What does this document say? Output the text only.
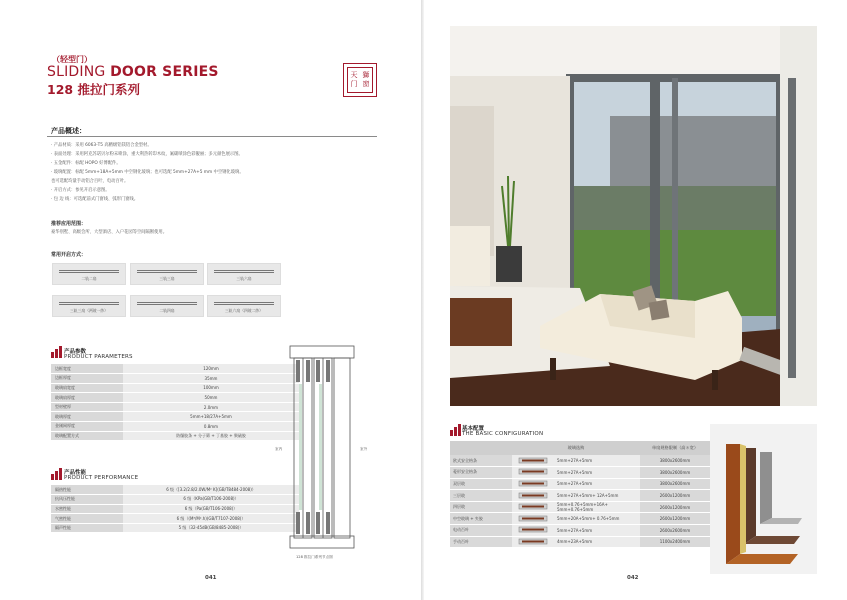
（轻型门）
SLIDING DOOR SERIES
128 推拉门系列
天 獅
门 窗
产品概述：
· 产品材质：采用 6063-T5 高精级铝镁铝合金型材。
· 表面处理：采用阿克苏诺贝尔粉末喷涂，重大利热转印木纹，氟碳喷涂色彩靓丽；多元颜色展示图。
· 五金配件：标配 HOPO 好博配件。
· 玻璃配置：标配 5mm+18A+5mm 中空钢化玻璃；也可选配 5mm+27A+5 mm 中空钢化玻璃。
也可选配均量手动铝合百叶，电动百叶。
· 开启方式：参见开启示意图。
· 包 边 线：可选配前式门窗线、弧形门窗线。
推荐应用范围：
豪华别墅、高级会所、大型酒店、入户花园等空间隔断使用。
常用开启方式：
二轨二扇	三轨三扇	三轨六扇
三轨三扇（两玻一纱）	二轨四扇	三轨六扇（四玻二纱）
产品参数
PRODUCT PARAMETERS
边框宽度	120mm
边框厚度	35mm
玻璃扇宽度	100mm
玻璃扇厚度	50mm
型材壁厚	2.0mm
玻璃厚度	5mm+18/27A+5mm
金刚网厚度	0.8mm
玻璃配置方式	防爆胶条 + 分子筛 + 丁基胶 + 聚硫胶
产品性能
PRODUCT PERFORMANCE
隔热性能	6 级（[3.2/2.8/2.0W/M² K](GB/T8484-2008)）
抗风压性能	6 级（KPa(GB/T106-2008)）
水密性能	6 级（Pa(GB/T106-2008)）
气密性能	6 级（(M³/M².h)(GB/T7107-2008)）
隔声性能	5 级（32-45dB(GB/8485-2008)）
室内	室外
128 推拉门系列节点图
041
基本配置
THE BASIC CONFIGURATION
	玻璃选购		单扇规格限制（高＊宽）
欧式安全格条		5mm+27A+5mm	3800x2600mm
菱形安全格条		5mm+27A+5mm	3800x2600mm
双层玻		5mm+27A+5mm	3800x2600mm
三层玻		5mm+27A+5mm+ 12A+5mm	2600x1200mm
四层玻		5mm+0.76+5mm+16A+ 5mm+0.76+5mm	2600x1200mm
中空玻璃 + 夹胶		5mm+20A+5mm+ 0.76+5mm	2600x1200mm
电动百叶		5mm+27A+5mm	2600x2600mm
手动百叶		4mm+23A+5mm	1100x2400mm
042
